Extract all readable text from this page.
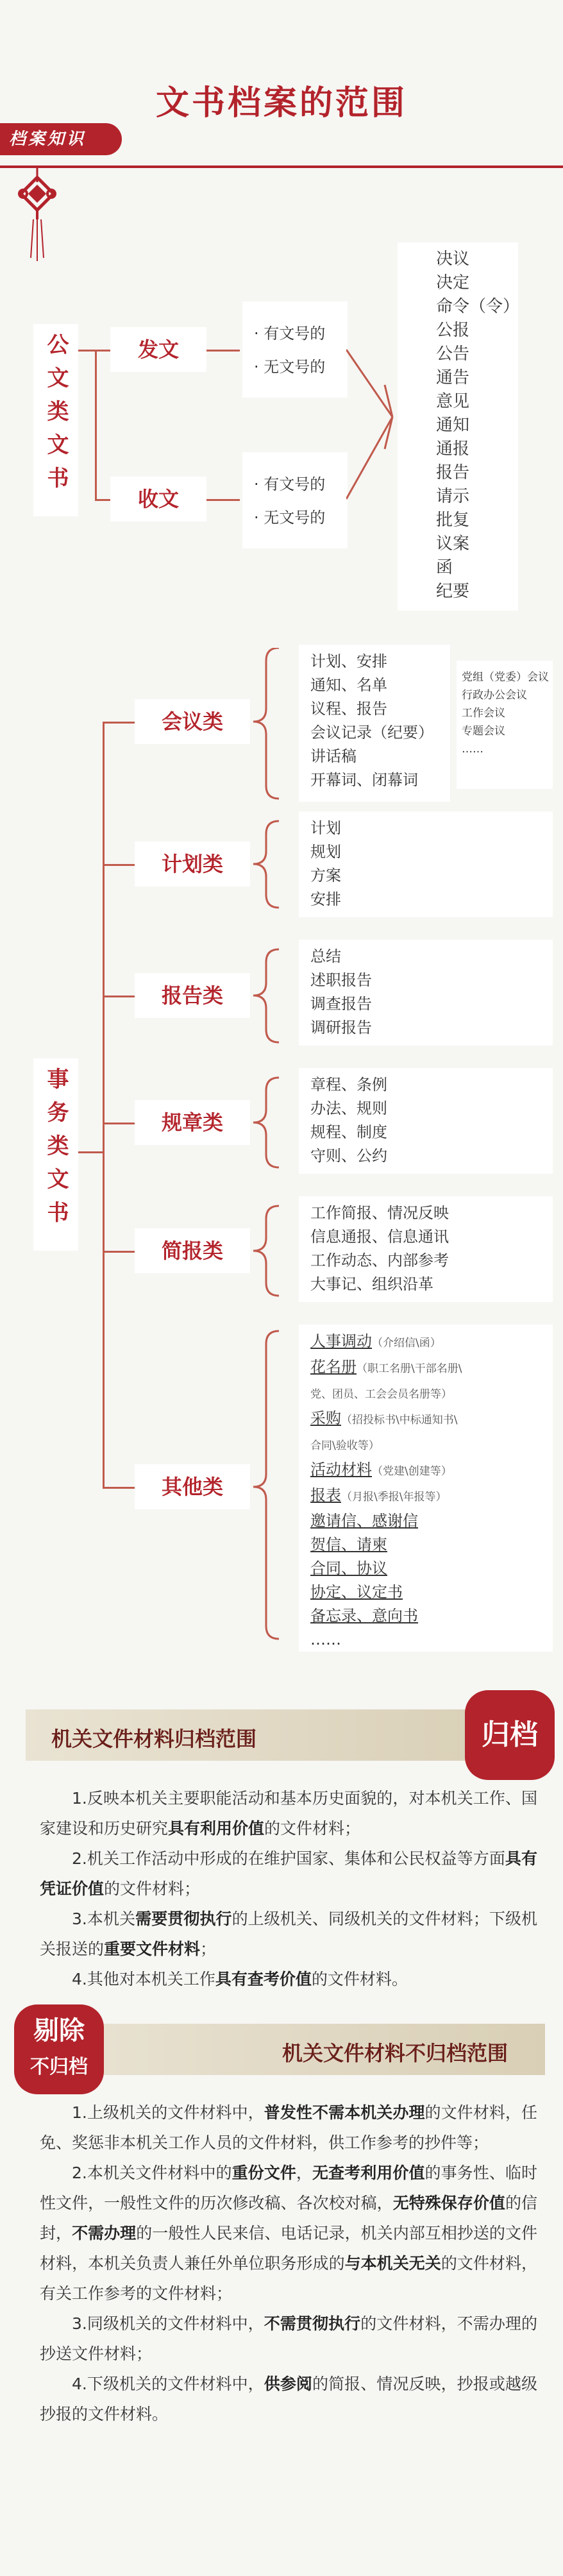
文书档案的范围
档案知识
公文类文书	发文
收文
· 有文号的
· 无文号的
· 有文号的
· 无文号的
决议
决定
命令（令）
公报
公告
通告
意见
通知
通报
报告
请示
批复
议案
函
纪要
事务类文书
会议类
计划类
报告类
规章类
简报类
其他类
计划、安排
通知、名单
议程、报告
会议记录（纪要）
讲话稿
开幕词、闭幕词
党组（党委）会议
行政办公会议
工作会议
专题会议
……
计划
规划
方案
安排
总结
述职报告
调查报告
调研报告
章程、条例
办法、规则
规程、制度
守则、公约
工作简报、情况反映
信息通报、信息通讯
工作动态、内部参考
大事记、组织沿革
人事调动（介绍信\函）
花名册（职工名册\干部名册\
党、团员、工会会员名册等）
采购（招投标书\中标通知书\
合同\验收等）
活动材料（党建\创建等）
报表（月报\季报\年报等）
邀请信、感谢信
贺信、请柬
合同、协议
协定、议定书
备忘录、意向书
……
机关文件材料归档范围	归档
1.反映本机关主要职能活动和基本历史面貌的，对本机关工作、国家建设和历史研究具有利用价值的文件材料；
2.机关工作活动中形成的在维护国家、集体和公民权益等方面具有凭证价值的文件材料；
3.本机关需要贯彻执行的上级机关、同级机关的文件材料；下级机关报送的重要文件材料；
4.其他对本机关工作具有查考价值的文件材料。
机关文件材料不归档范围
剔除
不归档
1.上级机关的文件材料中，普发性不需本机关办理的文件材料，任免、奖惩非本机关工作人员的文件材料，供工作参考的抄件等；
2.本机关文件材料中的重份文件，无查考利用价值的事务性、临时性文件，一般性文件的历次修改稿、各次校对稿，无特殊保存价值的信封，不需办理的一般性人民来信、电话记录，机关内部互相抄送的文件材料，本机关负责人兼任外单位职务形成的与本机关无关的文件材料，有关工作参考的文件材料；
3.同级机关的文件材料中，不需贯彻执行的文件材料，不需办理的抄送文件材料；
4.下级机关的文件材料中，供参阅的简报、情况反映，抄报或越级抄报的文件材料。
